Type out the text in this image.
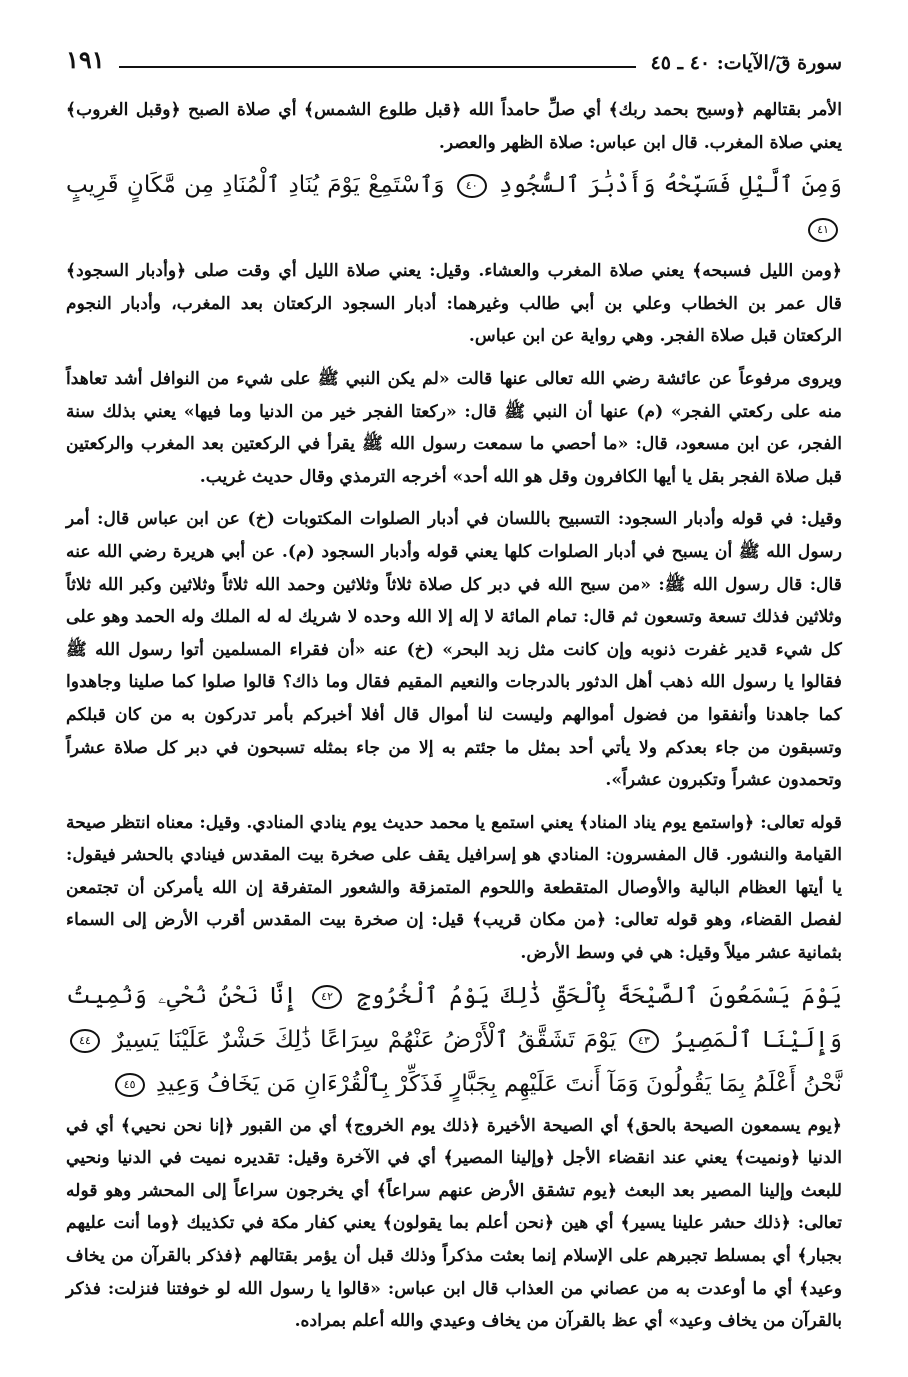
سورة قٓ/الآيات: ٤٠ ـ ٤٥
١٩١

الأمر بقتالهم ﴿وسبح بحمد ربك﴾ أي صلِّ حامداً الله ﴿قبل طلوع الشمس﴾ أي صلاة الصبح ﴿وقبل الغروب﴾ يعني صلاة المغرب. قال ابن عباس: صلاة الظهر والعصر.

وَمِنَ ٱلَّيْلِ فَسَبِّحْهُ وَأَدْبَٰرَ ٱلسُّجُودِ ٤٠ وَٱسْتَمِعْ يَوْمَ يُنَادِ ٱلْمُنَادِ مِن مَّكَانٍ قَرِيبٍ ٤١

﴿ومن الليل فسبحه﴾ يعني صلاة المغرب والعشاء. وقيل: يعني صلاة الليل أي وقت صلى ﴿وأدبار السجود﴾ قال عمر بن الخطاب وعلي بن أبي طالب وغيرهما: أدبار السجود الركعتان بعد المغرب، وأدبار النجوم الركعتان قبل صلاة الفجر. وهي رواية عن ابن عباس.

ويروى مرفوعاً عن عائشة رضي الله تعالى عنها قالت «لم يكن النبي ﷺ على شيء من النوافل أشد تعاهداً منه على ركعتي الفجر» (م) عنها أن النبي ﷺ قال: «ركعتا الفجر خير من الدنيا وما فيها» يعني بذلك سنة الفجر، عن ابن مسعود، قال: «ما أحصي ما سمعت رسول الله ﷺ يقرأ في الركعتين بعد المغرب والركعتين قبل صلاة الفجر بقل يا أيها الكافرون وقل هو الله أحد» أخرجه الترمذي وقال حديث غريب.

وقيل: في قوله وأدبار السجود: التسبيح باللسان في أدبار الصلوات المكتوبات (خ) عن ابن عباس قال: أمر رسول الله ﷺ أن يسبح في أدبار الصلوات كلها يعني قوله وأدبار السجود (م). عن أبي هريرة رضي الله عنه قال: قال رسول الله ﷺ: «من سبح الله في دبر كل صلاة ثلاثاً وثلاثين وحمد الله ثلاثاً وثلاثين وكبر الله ثلاثاً وثلاثين فذلك تسعة وتسعون ثم قال: تمام المائة لا إله إلا الله وحده لا شريك له له الملك وله الحمد وهو على كل شيء قدير غفرت ذنوبه وإن كانت مثل زبد البحر» (خ) عنه «أن فقراء المسلمين أتوا رسول الله ﷺ فقالوا يا رسول الله ذهب أهل الدثور بالدرجات والنعيم المقيم فقال وما ذاك؟ قالوا صلوا كما صلينا وجاهدوا كما جاهدنا وأنفقوا من فضول أموالهم وليست لنا أموال قال أفلا أخبركم بأمر تدركون به من كان قبلكم وتسبقون من جاء بعدكم ولا يأتي أحد بمثل ما جئتم به إلا من جاء بمثله تسبحون في دبر كل صلاة عشراً وتحمدون عشراً وتكبرون عشراً».

قوله تعالى: ﴿واستمع يوم يناد المناد﴾ يعني استمع يا محمد حديث يوم ينادي المنادي. وقيل: معناه انتظر صيحة القيامة والنشور. قال المفسرون: المنادي هو إسرافيل يقف على صخرة بيت المقدس فينادي بالحشر فيقول: يا أيتها العظام البالية والأوصال المتقطعة واللحوم المتمزقة والشعور المتفرقة إن الله يأمركن أن تجتمعن لفصل القضاء، وهو قوله تعالى: ﴿من مكان قريب﴾ قيل: إن صخرة بيت المقدس أقرب الأرض إلى السماء بثمانية عشر ميلاً وقيل: هي في وسط الأرض.

يَوْمَ يَسْمَعُونَ ٱلصَّيْحَةَ بِٱلْحَقِّ ذَٰلِكَ يَوْمُ ٱلْخُرُوجِ ٤٢ إِنَّا نَحْنُ نُحْىِۦ وَنُمِيتُ وَإِلَيْنَا ٱلْمَصِيرُ ٤٣ يَوْمَ تَشَقَّقُ ٱلْأَرْضُ عَنْهُمْ سِرَاعًا ذَٰلِكَ حَشْرٌ عَلَيْنَا يَسِيرٌ ٤٤ نَّحْنُ أَعْلَمُ بِمَا يَقُولُونَ وَمَآ أَنتَ عَلَيْهِم بِجَبَّارٍ فَذَكِّرْ بِٱلْقُرْءَانِ مَن يَخَافُ وَعِيدِ ٤٥

﴿يوم يسمعون الصيحة بالحق﴾ أي الصيحة الأخيرة ﴿ذلك يوم الخروج﴾ أي من القبور ﴿إنا نحن نحيي﴾ أي في الدنيا ﴿ونميت﴾ يعني عند انقضاء الأجل ﴿وإلينا المصير﴾ أي في الآخرة وقيل: تقديره نميت في الدنيا ونحيي للبعث وإلينا المصير بعد البعث ﴿يوم تشقق الأرض عنهم سراعاً﴾ أي يخرجون سراعاً إلى المحشر وهو قوله تعالى: ﴿ذلك حشر علينا يسير﴾ أي هين ﴿نحن أعلم بما يقولون﴾ يعني كفار مكة في تكذيبك ﴿وما أنت عليهم بجبار﴾ أي بمسلط تجبرهم على الإسلام إنما بعثت مذكراً وذلك قبل أن يؤمر بقتالهم ﴿فذكر بالقرآن من يخاف وعيد﴾ أي ما أوعدت به من عصاني من العذاب قال ابن عباس: «قالوا يا رسول الله لو خوفتنا فنزلت: فذكر بالقرآن من يخاف وعيد» أي عظ بالقرآن من يخاف وعيدي والله أعلم بمراده.
